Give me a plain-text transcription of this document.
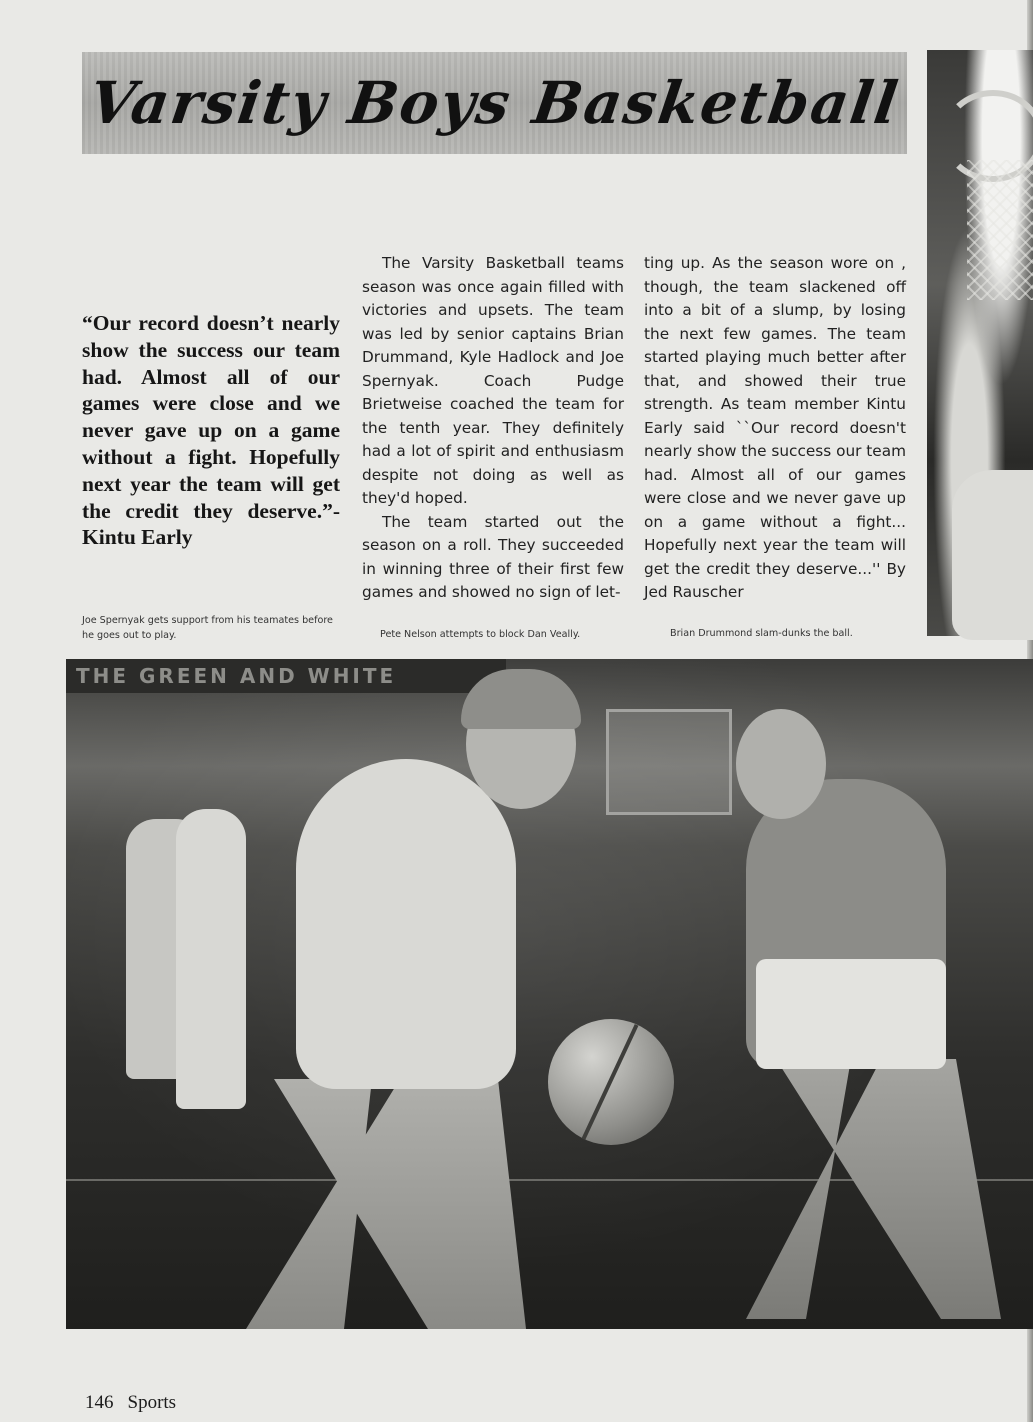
Varsity Boys Basketball
“Our record doesn’t nearly show the success our team had. Almost all of our games were close and we never gave up on a game without a fight. Hopefully next year the team will get the credit they deserve.”- Kintu Early

The Varsity Basketball teams season was once again filled with victories and upsets. The team was led by senior captains Brian Drummand, Kyle Hadlock and Joe Spernyak. Coach Pudge Brietweise coached the team for the tenth year. They definitely had a lot of spirit and enthusiasm despite not doing as well as they'd hoped.

The team started out the season on a roll. They succeeded in winning three of their first few games and showed no sign of let-

ting up. As the season wore on , though, the team slackened off into a bit of a slump, by losing the next few games. The team started playing much better after that, and showed their true strength. As team member Kintu Early said ``Our record doesn't nearly show the success our team had. Almost all of our games were close and we never gave up on a game without a fight... Hopefully next year the team will get the credit they deserve...'' By Jed Rauscher

Joe Spernyak gets support from his teamates before he goes out to play.	Pete Nelson attempts to block Dan Veally.	Brian Drummond slam-dunks the ball.
THE GREEN AND WHITE
146 Sports
